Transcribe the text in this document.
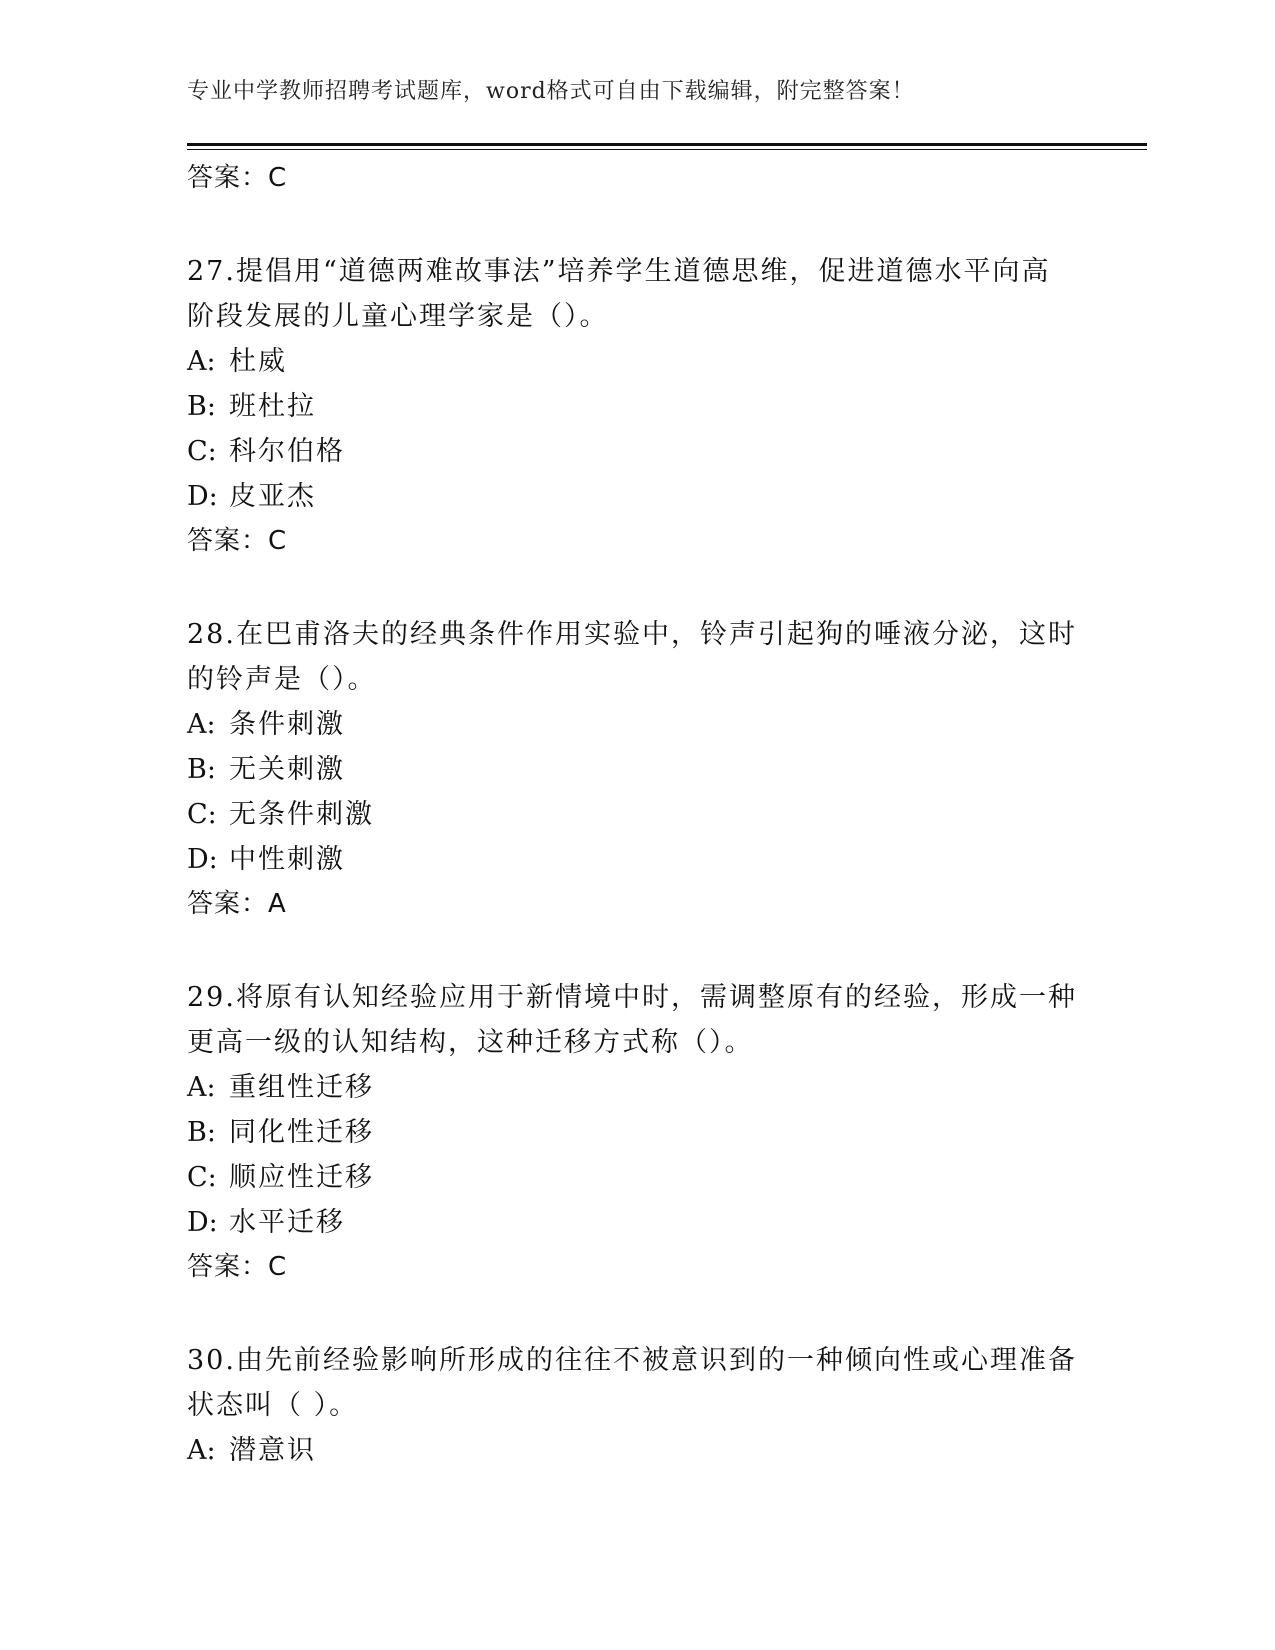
专业中学教师招聘考试题库，word格式可自由下载编辑，附完整答案！
答案：C
27.提倡用“道德两难故事法”培养学生道德思维，促进道德水平向高
阶段发展的儿童心理学家是（）。
A: 杜威
B: 班杜拉
C: 科尔伯格
D: 皮亚杰
答案：C
28.在巴甫洛夫的经典条件作用实验中，铃声引起狗的唾液分泌，这时
的铃声是（）。
A: 条件刺激
B: 无关刺激
C: 无条件刺激
D: 中性刺激
答案：A
29.将原有认知经验应用于新情境中时，需调整原有的经验，形成一种
更高一级的认知结构，这种迁移方式称（）。
A: 重组性迁移
B: 同化性迁移
C: 顺应性迁移
D: 水平迁移
答案：C
30.由先前经验影响所形成的往往不被意识到的一种倾向性或心理准备
状态叫（ ）。
A: 潜意识
